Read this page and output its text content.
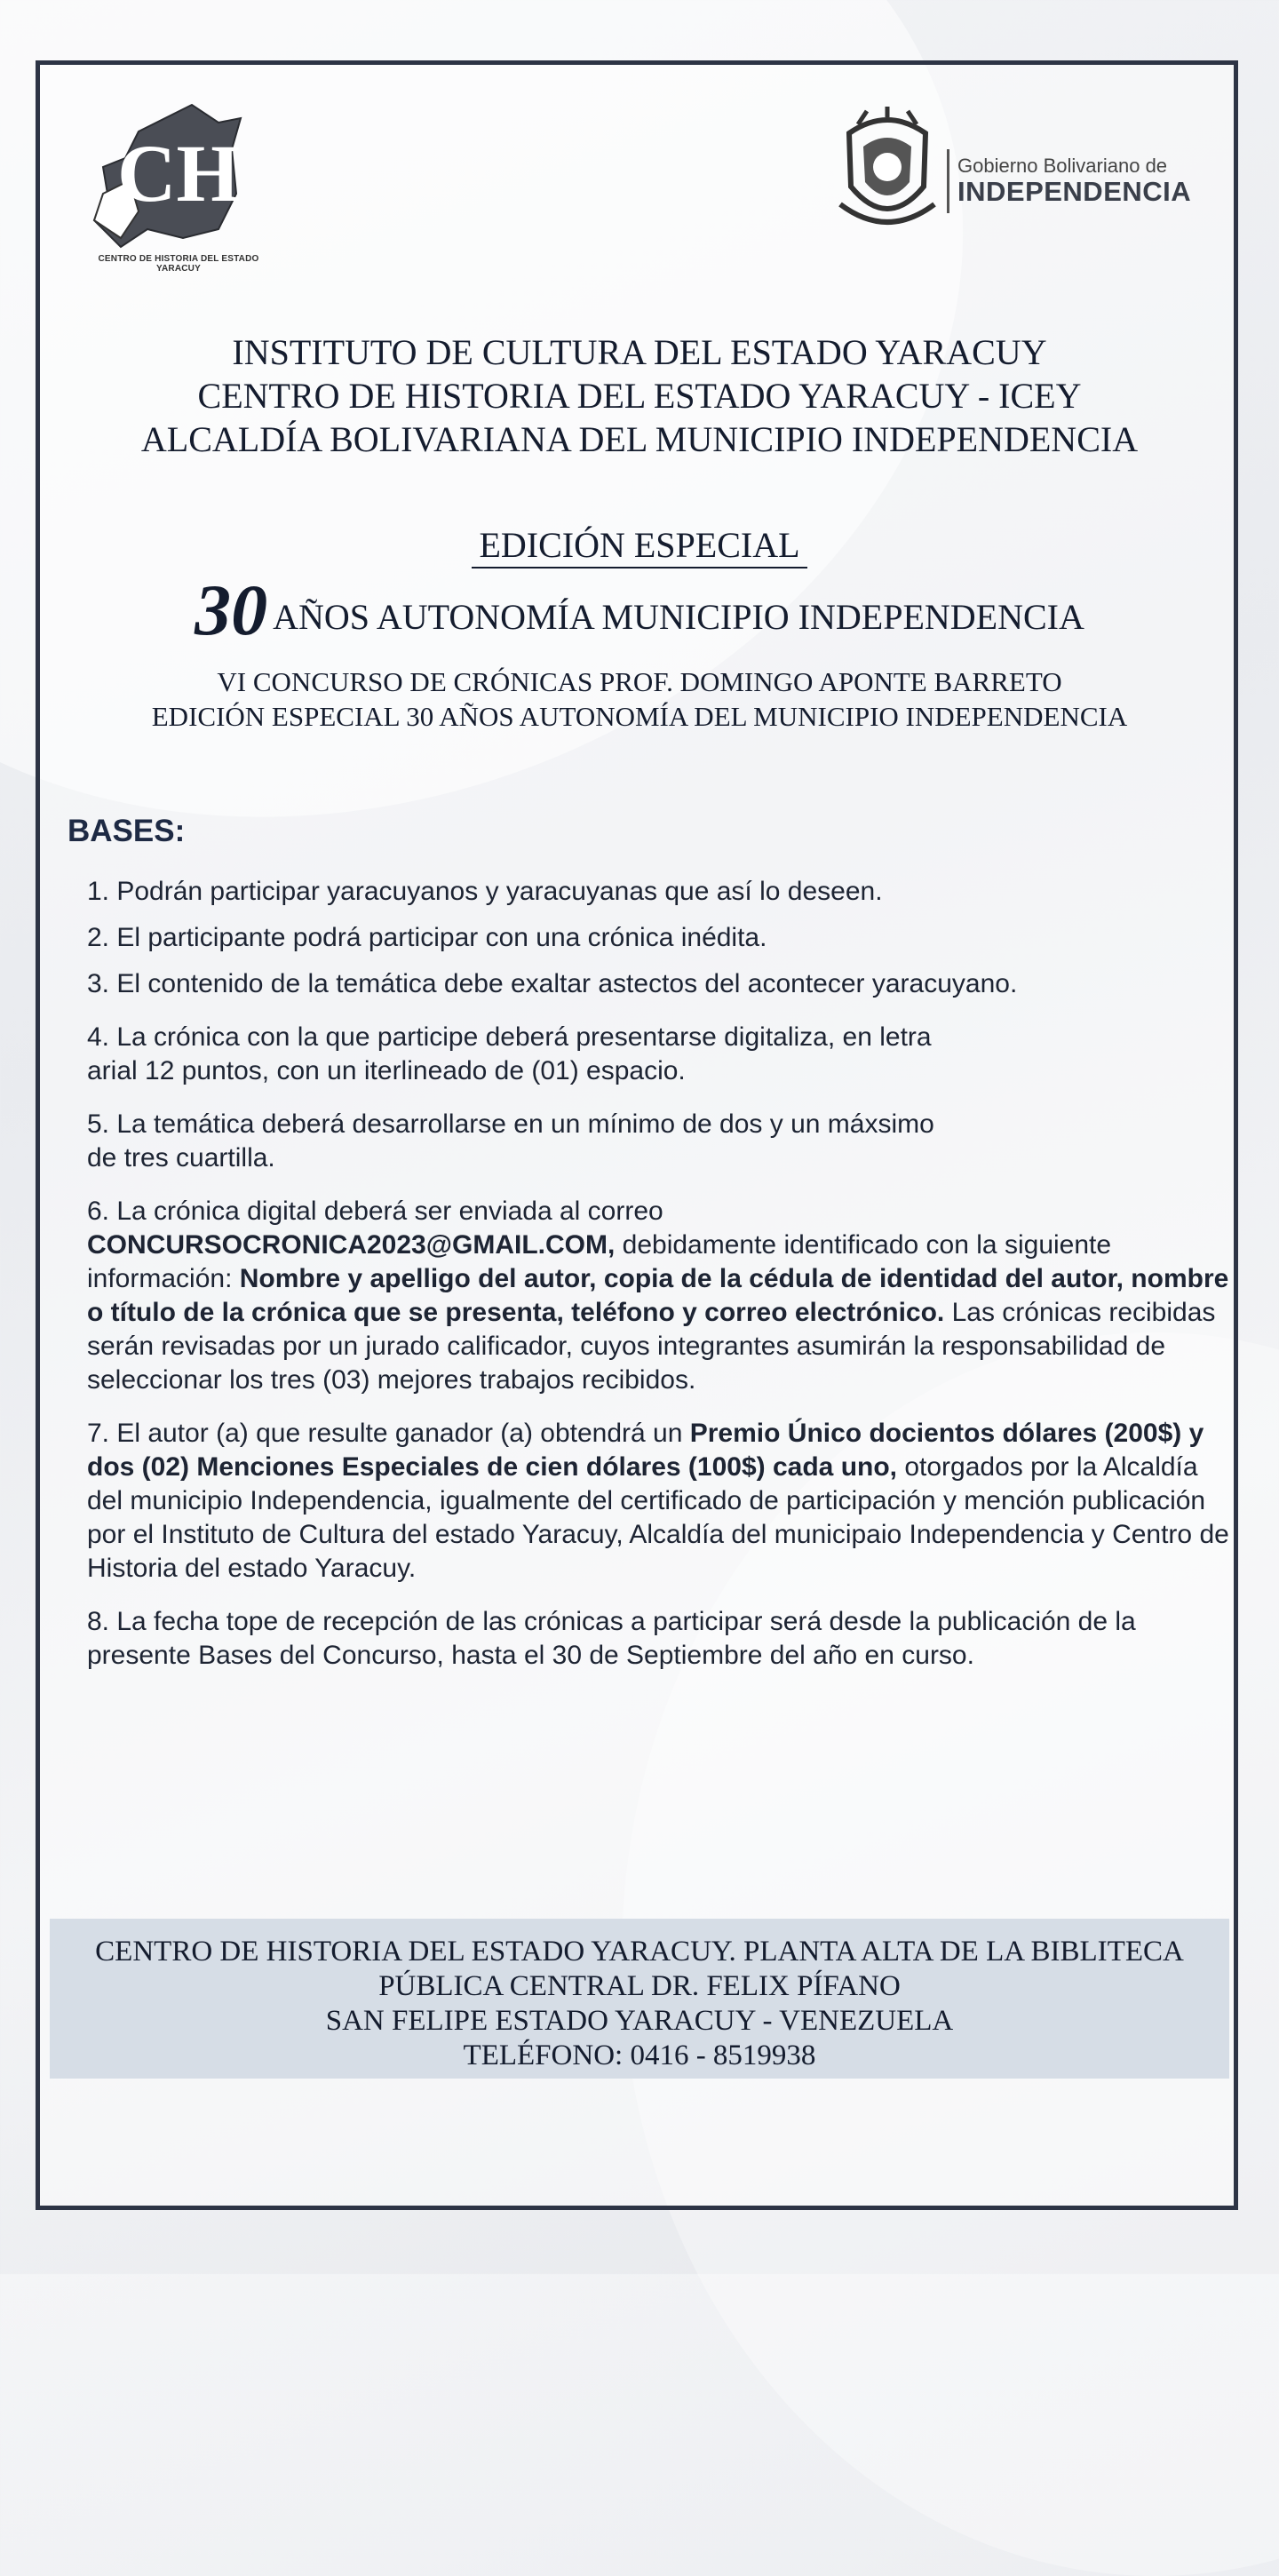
CH
CENTRO DE HISTORIA DEL ESTADO YARACUY
Gobierno Bolivariano de
INDEPENDENCIA
INSTITUTO DE CULTURA DEL ESTADO YARACUY
CENTRO DE HISTORIA DEL ESTADO YARACUY - ICEY
ALCALDÍA BOLIVARIANA DEL MUNICIPIO INDEPENDENCIA
EDICIÓN ESPECIAL
30 AÑOS AUTONOMÍA MUNICIPIO INDEPENDENCIA
VI CONCURSO DE CRÓNICAS PROF. DOMINGO APONTE BARRETO
EDICIÓN ESPECIAL 30 AÑOS AUTONOMÍA DEL MUNICIPIO INDEPENDENCIA
BASES:

1. Podrán participar yaracuyanos y yaracuyanas que así lo deseen.

2. El participante podrá participar con una crónica inédita.

3. El contenido de la temática debe exaltar astectos del acontecer yaracuyano.

4. La crónica con la que participe deberá presentarse digitaliza, en letra
arial 12 puntos, con un iterlineado de (01) espacio.

5. La temática deberá desarrollarse en un mínimo de dos y un máxsimo
de tres cuartilla.

6. La crónica digital deberá ser enviada al correo
CONCURSOCRONICA2023@GMAIL.COM, debidamente identificado con la siguiente información: Nombre y apelligo del autor, copia de la cédula de identidad del autor, nombre o título de la crónica que se presenta, teléfono y correo electrónico. Las crónicas recibidas serán revisadas por un jurado calificador, cuyos integrantes asumirán la responsabilidad de seleccionar los tres (03) mejores trabajos recibidos.

7. El autor (a) que resulte ganador (a) obtendrá un Premio Único docientos dólares (200$) y dos (02) Menciones Especiales de cien dólares (100$) cada uno, otorgados por la Alcaldía del municipio Independencia, igualmente del certificado de participación y mención publicación por el Instituto de Cultura del estado Yaracuy, Alcaldía del municipaio Independencia y Centro de Historia del estado Yaracuy.

8. La fecha tope de recepción de las crónicas a participar será desde la publicación de la presente Bases del Concurso, hasta el 30 de Septiembre del año en curso.

CENTRO DE HISTORIA DEL ESTADO YARACUY. PLANTA ALTA DE LA BIBLITECA
PÚBLICA CENTRAL DR. FELIX PÍFANO
SAN FELIPE ESTADO YARACUY - VENEZUELA
TELÉFONO: 0416 - 8519938
